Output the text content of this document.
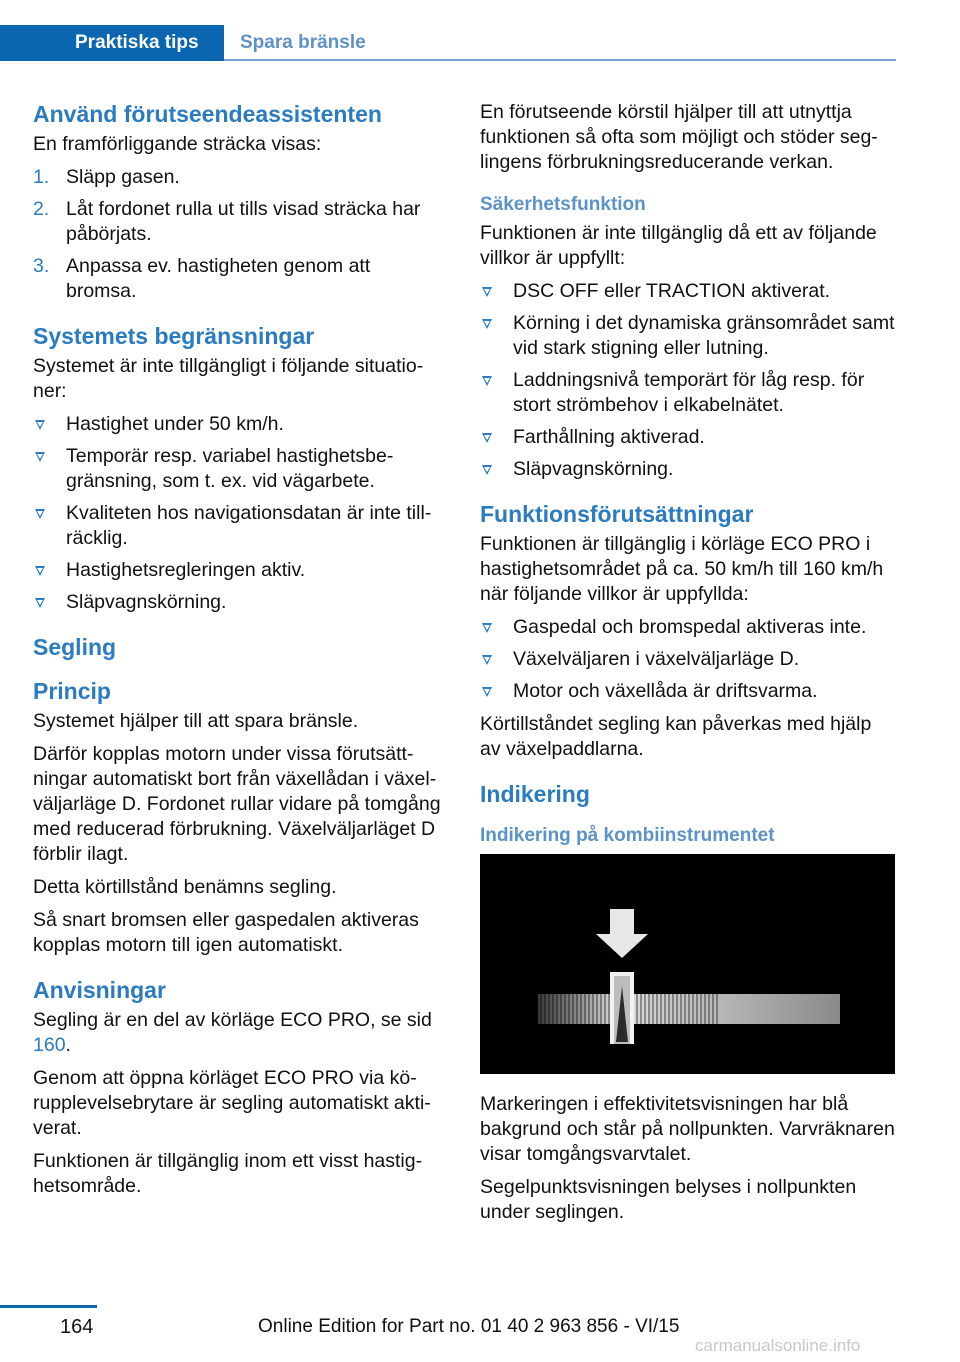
Praktiska tips	Spara bränsle
Använd förutseendeassistenten

En framförliggande sträcka visas:

1. Släpp gasen.
2. Låt fordonet rulla ut tills visad sträcka har påbörjats.
3. Anpassa ev. hastigheten genom att bromsa.
Systemets begränsningar

Systemet är inte tillgängligt i följande situationer:

Hastighet under 50 km/h.
Temporär resp. variabel hastighetsbegränsning, som t. ex. vid vägarbete.
Kvaliteten hos navigationsdatan är inte tillräcklig.
Hastighetsregleringen aktiv.
Släpvagnskörning.
Segling
Princip

Systemet hjälper till att spara bränsle.

Därför kopplas motorn under vissa förutsättningar automatiskt bort från växellådan i växelväljarläge D. Fordonet rullar vidare på tomgång med reducerad förbrukning. Växelväljarläget D förblir ilagt.

Detta körtillstånd benämns segling.

Så snart bromsen eller gaspedalen aktiveras kopplas motorn till igen automatiskt.

Anvisningar

Segling är en del av körläge ECO PRO, se sid 160.

Genom att öppna körläget ECO PRO via körupplevelsebrytare är segling automatiskt aktiverat.

Funktionen är tillgänglig inom ett visst hastighetsområde.

En förutseende körstil hjälper till att utnyttja funktionen så ofta som möjligt och stöder seglingens förbrukningsreducerande verkan.

Säkerhetsfunktion

Funktionen är inte tillgänglig då ett av följande villkor är uppfyllt:

DSC OFF eller TRACTION aktiverat.
Körning i det dynamiska gränsområdet samt vid stark stigning eller lutning.
Laddningsnivå temporärt för låg resp. för stort strömbehov i elkabelnätet.
Farthållning aktiverad.
Släpvagnskörning.
Funktionsförutsättningar

Funktionen är tillgänglig i körläge ECO PRO i hastighetsområdet på ca. 50 km/h till 160 km/h när följande villkor är uppfyllda:

Gaspedal och bromspedal aktiveras inte.
Växelväljaren i växelväljarläge D.
Motor och växellåda är driftsvarma.

Körtillståndet segling kan påverkas med hjälp av växelpaddlarna.

Indikering
Indikering på kombiinstrumentet

Markeringen i effektivitetsvisningen har blå bakgrund och står på nollpunkten. Varvräknaren visar tomgångsvarvtalet.

Segelpunktsvisningen belyses i nollpunkten under seglingen.

164	Online Edition for Part no. 01 40 2 963 856 - VI/15
carmanualsonline.info
